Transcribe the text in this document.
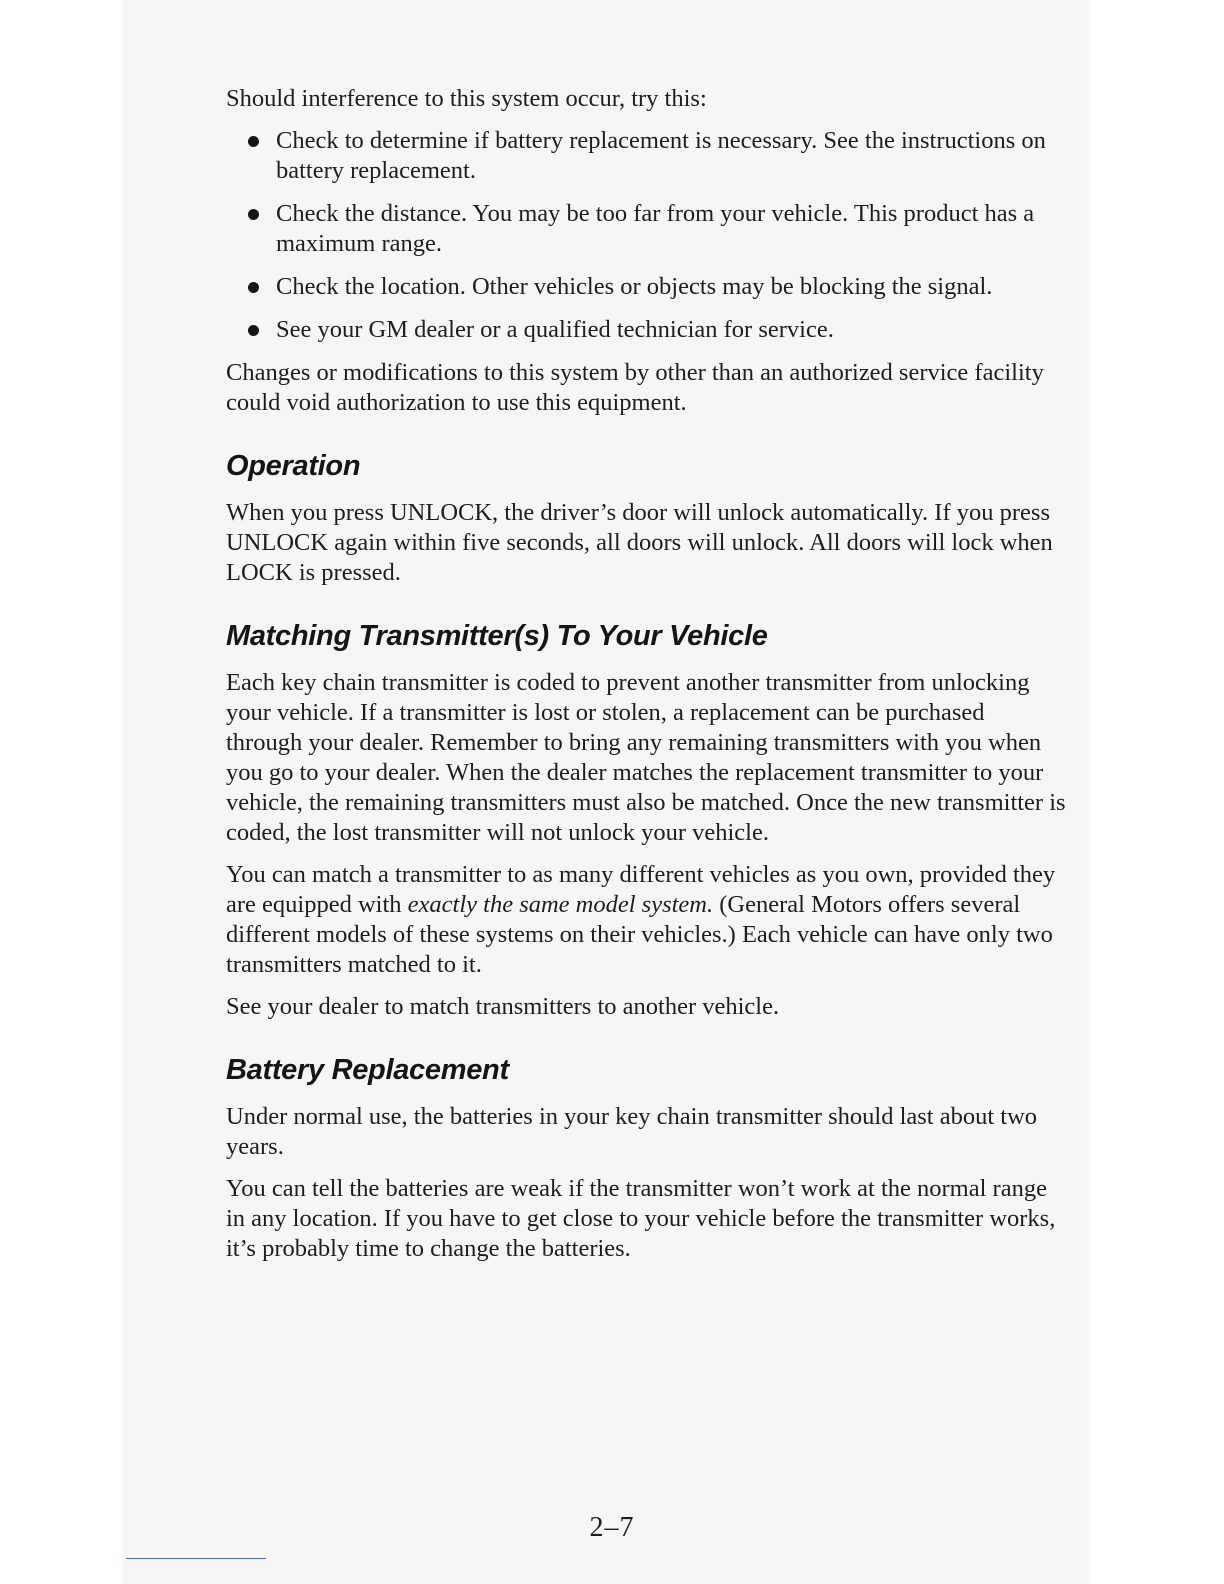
Should interference to this system occur, try this:

Check to determine if battery replacement is necessary. See the instructions on battery replacement.
Check the distance. You may be too far from your vehicle. This product has a maximum range.
Check the location. Other vehicles or objects may be blocking the signal.
See your GM dealer or a qualified technician for service.

Changes or modifications to this system by other than an authorized service facility could void authorization to use this equipment.

Operation

When you press UNLOCK, the driver’s door will unlock automatically. If you press UNLOCK again within five seconds, all doors will unlock. All doors will lock when LOCK is pressed.

Matching Transmitter(s) To Your Vehicle

Each key chain transmitter is coded to prevent another transmitter from unlocking your vehicle. If a transmitter is lost or stolen, a replacement can be purchased through your dealer. Remember to bring any remaining transmitters with you when you go to your dealer. When the dealer matches the replacement transmitter to your vehicle, the remaining transmitters must also be matched. Once the new transmitter is coded, the lost transmitter will not unlock your vehicle.

You can match a transmitter to as many different vehicles as you own, provided they are equipped with exactly the same model system. (General Motors offers several different models of these systems on their vehicles.) Each vehicle can have only two transmitters matched to it.

See your dealer to match transmitters to another vehicle.

Battery Replacement

Under normal use, the batteries in your key chain transmitter should last about two years.

You can tell the batteries are weak if the transmitter won’t work at the normal range in any location. If you have to get close to your vehicle before the transmitter works, it’s probably time to change the batteries.

2–7
